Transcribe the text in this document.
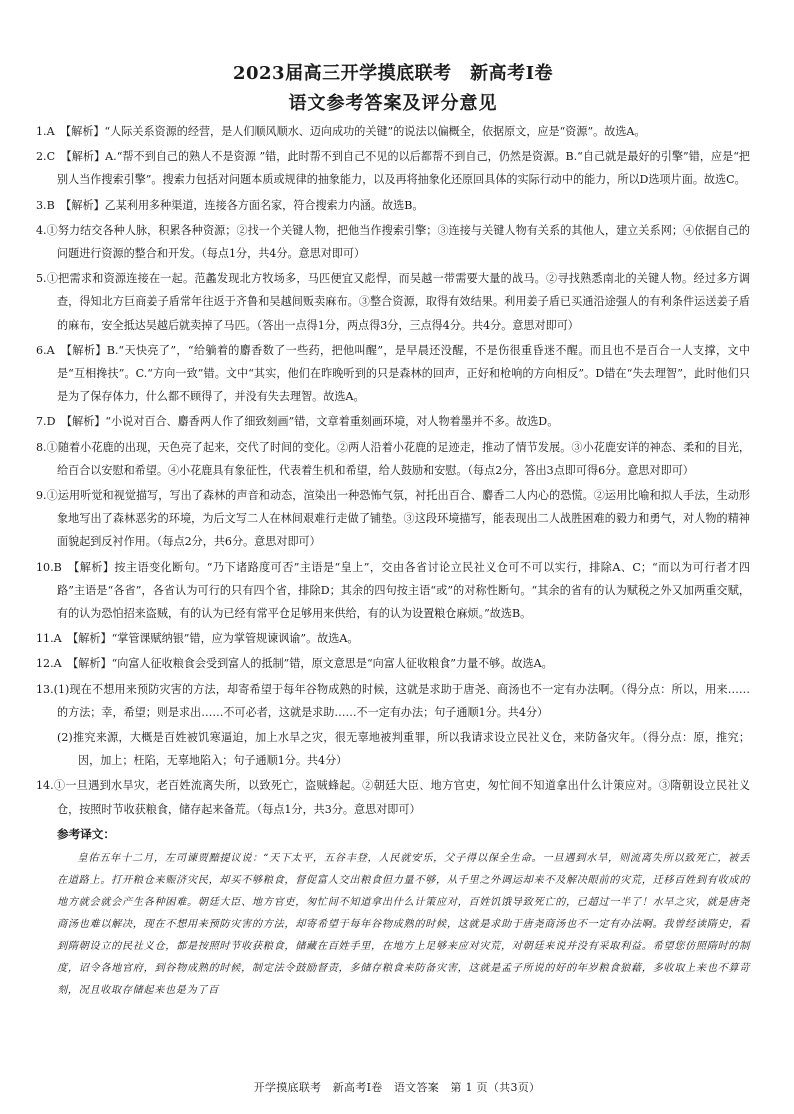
2023届高三开学摸底联考　新高考Ⅰ卷
语文参考答案及评分意见

1.A　【解析】“人际关系资源的经营，是人们顺风顺水、迈向成功的关键”的说法以偏概全，依据原文，应是“资源”。故选A。

2.C　【解析】A.“帮不到自己的熟人不是资源 ”错，此时帮不到自己不见的以后都帮不到自己，仍然是资源。B.“自己就是最好的引擎”错，应是“把别人当作搜索引擎”。搜索力包括对问题本质或规律的抽象能力，以及再将抽象化还原回具体的实际行动中的能力，所以D选项片面。故选C。

3.B　【解析】乙某利用多种渠道，连接各方面名家，符合搜索力内涵。故选B。

4.①努力结交各种人脉，积累各种资源；②找一个关键人物，把他当作搜索引擎；③连接与关键人物有关系的其他人，建立关系网；④依据自己的问题进行资源的整合和开发。（每点1分，共4分。意思对即可）

5.①把需求和资源连接在一起。范蠡发现北方牧场多，马匹便宜又彪悍，而吴越一带需要大量的战马。②寻找熟悉南北的关键人物。经过多方调查，得知北方巨商姜子盾常年往返于齐鲁和吴越间贩卖麻布。③整合资源，取得有效结果。利用姜子盾已买通沿途强人的有利条件运送姜子盾的麻布，安全抵达吴越后就卖掉了马匹。（答出一点得1分，两点得3分，三点得4分。共4分。意思对即可）

6.A　【解析】B.“天快亮了”，“给躺着的麝香数了一些药，把他叫醒”，是早晨还没醒，不是伤很重昏迷不醒。而且也不是百合一人支撑，文中是“互相搀扶”。C.“方向一致”错。文中“其实，他们在昨晚听到的只是森林的回声，正好和枪响的方向相反”。D错在“失去理智”，此时他们只是为了保存体力，什么都不顾得了，并没有失去理智。故选A。

7.D　【解析】“小说对百合、麝香两人作了细致刻画”错，文章着重刻画环境，对人物着墨并不多。故选D。

8.①随着小花鹿的出现，天色亮了起来，交代了时间的变化。②两人沿着小花鹿的足迹走，推动了情节发展。③小花鹿安详的神态、柔和的目光，给百合以安慰和希望。④小花鹿具有象征性，代表着生机和希望，给人鼓励和安慰。（每点2分，答出3点即可得6分。意思对即可）

9.①运用听觉和视觉描写，写出了森林的声音和动态，渲染出一种恐怖气氛，衬托出百合、麝香二人内心的恐慌。②运用比喻和拟人手法，生动形象地写出了森林恶劣的环境，为后文写二人在林间艰难行走做了铺垫。③这段环境描写，能表现出二人战胜困难的毅力和勇气，对人物的精神面貌起到反衬作用。（每点2分，共6分。意思对即可）

10.B　【解析】按主语变化断句。“乃下诸路度可否”主语是“皇上”，交由各省讨论立民社义仓可不可以实行，排除A、C；“而以为可行者才四路”主语是“各省”，各省认为可行的只有四个省，排除D；其余的四句按主语“或”的对称性断句。“其余的省有的认为赋税之外又加两重交赋，有的认为恐怕招来盗贼，有的认为已经有常平仓足够用来供给，有的认为设置粮仓麻烦。”故选B。

11.A　【解析】“掌管课赋纳银”错，应为掌管规谏讽谕”。故选A。

12.A　【解析】“向富人征收粮食会受到富人的抵制”错，原文意思是“向富人征收粮食”力量不够。故选A。

13.(1)现在不想用来预防灾害的方法，却寄希望于每年谷物成熟的时候，这就是求助于唐尧、商汤也不一定有办法啊。（得分点：所以，用来……的方法；幸，希望；则是求出……不可必者，这就是求助……不一定有办法；句子通顺1分。共4分）

(2)推究来源，大概是百姓被饥寒逼迫，加上水旱之灾，很无辜地被判重罪，所以我请求设立民社义仓，来防备灾年。（得分点：原，推究；因，加上；枉陷，无辜地陷入；句子通顺1分。共4分）

14.①一旦遇到水旱灾，老百姓流离失所，以致死亡，盗贼蜂起。②朝廷大臣、地方官吏，匆忙间不知道拿出什么计策应对。③隋朝设立民社义仓，按照时节收获粮食，储存起来备荒。（每点1分，共3分。意思对即可）

参考译文：

皇佑五年十二月，左司谏贾黯提议说：“天下太平，五谷丰登，人民就安乐，父子得以保全生命。一旦遇到水旱，则流离失所以致死亡，被丢在道路上。打开粮仓来赈济灾民，却买不够粮食，督促富人交出粮食但力量不够，从千里之外调运却来不及解决眼前的灾荒，迁移百姓到有收成的地方就会就会产生各种困难。朝廷大臣、地方官吏，匆忙间不知道拿出什么计策应对，百姓饥饿导致死亡的，已超过一半了！水旱之灾，就是唐尧商汤也难以解决，现在不想用来预防灾害的方法，却寄希望于每年谷物成熟的时候，这就是求助于唐尧商汤也不一定有办法啊。我曾经读隋史，看到隋朝设立的民社义仓，都是按照时节收获粮食，储藏在百姓手里，在地方上足够来应对灾荒，对朝廷来说并没有采取利益。希望您仿照隋时的制度，诏令各地官府，到谷物成熟的时候，制定法令鼓励督责，多储存粮食来防备灾害，这就是孟子所说的好的年岁粮食狼藉，多收取上来也不算苛刻，况且收取存储起来也是为了百

开学摸底联考　新高考Ⅰ卷　语文答案　第 1 页（共3页）
